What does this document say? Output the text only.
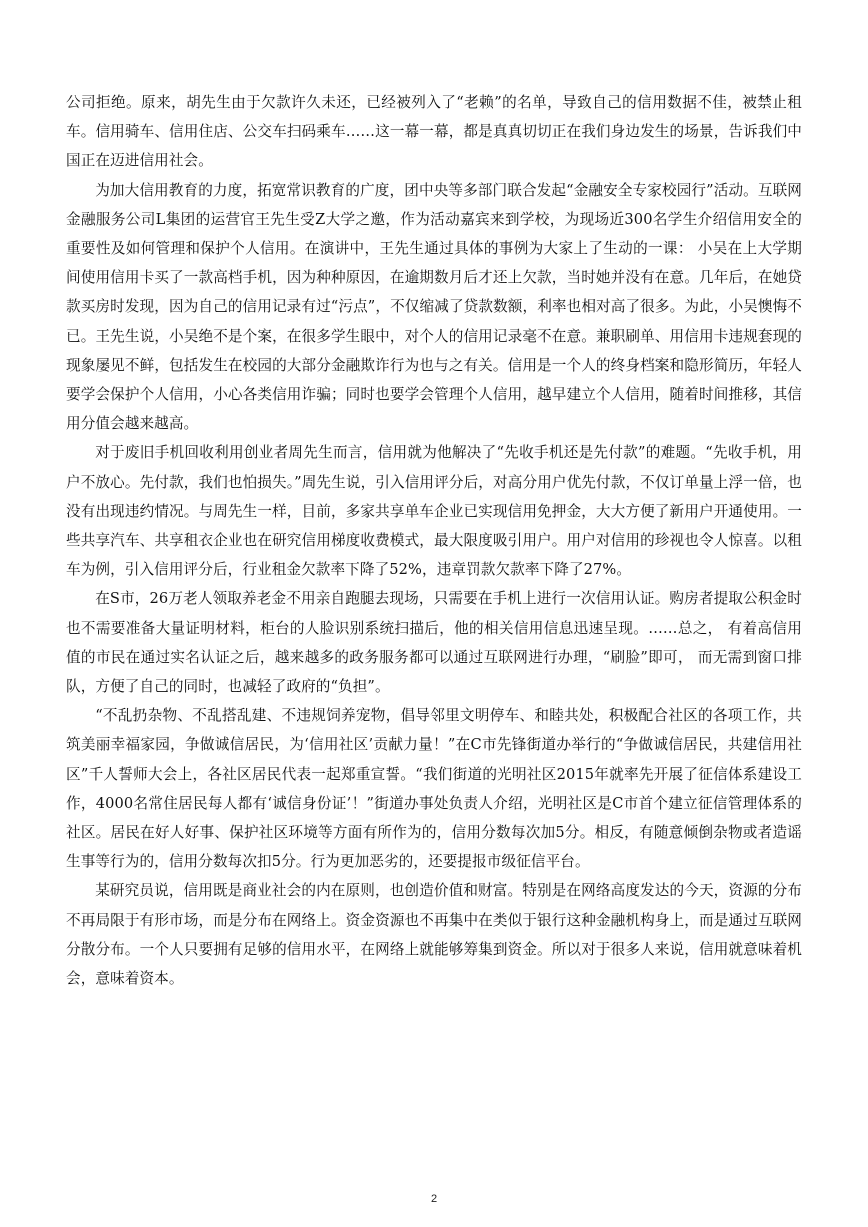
公司拒绝。原来，胡先生由于欠款许久未还，已经被列入了“老赖”的名单，导致自己的信用数据不佳，被禁止租车。信用骑车、信用住店、公交车扫码乘车……这一幕一幕，都是真真切切正在我们身边发生的场景，告诉我们中国正在迈进信用社会。

为加大信用教育的力度，拓宽常识教育的广度，团中央等多部门联合发起“金融安全专家校园行”活动。互联网金融服务公司L集团的运营官王先生受Z大学之邀，作为活动嘉宾来到学校，为现场近300名学生介绍信用安全的重要性及如何管理和保护个人信用。在演讲中，王先生通过具体的事例为大家上了生动的一课： 小吴在上大学期间使用信用卡买了一款高档手机，因为种种原因，在逾期数月后才还上欠款，当时她并没有在意。几年后，在她贷款买房时发现，因为自己的信用记录有过“污点”，不仅缩减了贷款数额，利率也相对高了很多。为此，小吴懊悔不已。王先生说，小吴绝不是个案，在很多学生眼中，对个人的信用记录毫不在意。兼职刷单、用信用卡违规套现的现象屡见不鲜，包括发生在校园的大部分金融欺诈行为也与之有关。信用是一个人的终身档案和隐形简历，年轻人要学会保护个人信用，小心各类信用诈骗；同时也要学会管理个人信用，越早建立个人信用，随着时间推移，其信用分值会越来越高。

对于废旧手机回收利用创业者周先生而言，信用就为他解决了“先收手机还是先付款”的难题。“先收手机，用户不放心。先付款，我们也怕损失。”周先生说，引入信用评分后，对高分用户优先付款，不仅订单量上浮一倍，也没有出现违约情况。与周先生一样，目前，多家共享单车企业已实现信用免押金，大大方便了新用户开通使用。一些共享汽车、共享租衣企业也在研究信用梯度收费模式，最大限度吸引用户。用户对信用的珍视也令人惊喜。以租车为例，引入信用评分后，行业租金欠款率下降了52%，违章罚款欠款率下降了27%。

在S市，26万老人领取养老金不用亲自跑腿去现场，只需要在手机上进行一次信用认证。购房者提取公积金时也不需要准备大量证明材料，柜台的人脸识别系统扫描后，他的相关信用信息迅速呈现。……总之， 有着高信用值的市民在通过实名认证之后，越来越多的政务服务都可以通过互联网进行办理，“刷脸”即可， 而无需到窗口排队，方便了自己的同时，也减轻了政府的“负担”。

“不乱扔杂物、不乱搭乱建、不违规饲养宠物，倡导邻里文明停车、和睦共处，积极配合社区的各项工作，共筑美丽幸福家园，争做诚信居民，为‘信用社区’贡献力量！”在C市先锋街道办举行的“争做诚信居民，共建信用社区”千人誓师大会上，各社区居民代表一起郑重宣誓。“我们街道的光明社区2015年就率先开展了征信体系建设工作，4000名常住居民每人都有‘诚信身份证’！”街道办事处负责人介绍，光明社区是C市首个建立征信管理体系的社区。居民在好人好事、保护社区环境等方面有所作为的，信用分数每次加5分。相反，有随意倾倒杂物或者造谣生事等行为的，信用分数每次扣5分。行为更加恶劣的，还要提报市级征信平台。

某研究员说，信用既是商业社会的内在原则，也创造价值和财富。特别是在网络高度发达的今天，资源的分布不再局限于有形市场，而是分布在网络上。资金资源也不再集中在类似于银行这种金融机构身上，而是通过互联网分散分布。一个人只要拥有足够的信用水平，在网络上就能够筹集到资金。所以对于很多人来说，信用就意味着机会，意味着资本。

2
